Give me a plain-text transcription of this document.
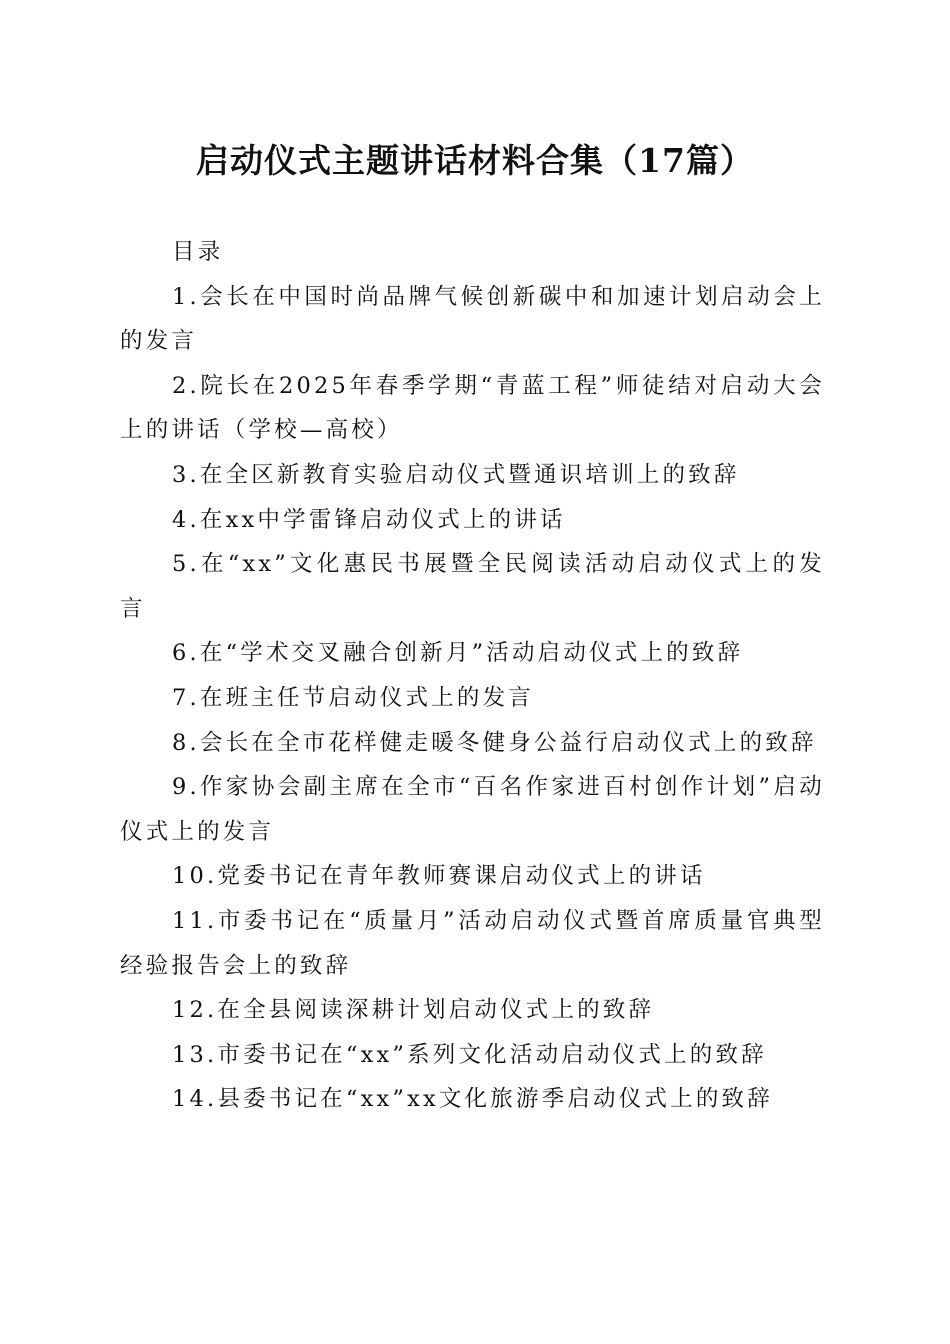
启动仪式主题讲话材料合集（17篇）

目录

1.会长在中国时尚品牌气候创新碳中和加速计划启动会上的发言
2.院长在2025年春季学期“青蓝工程”师徒结对启动大会上的讲话（学校—高校）
3.在全区新教育实验启动仪式暨通识培训上的致辞
4.在xx中学雷锋启动仪式上的讲话
5.在“xx”文化惠民书展暨全民阅读活动启动仪式上的发言
6.在“学术交叉融合创新月”活动启动仪式上的致辞
7.在班主任节启动仪式上的发言
8.会长在全市花样健走暖冬健身公益行启动仪式上的致辞
9.作家协会副主席在全市“百名作家进百村创作计划”启动仪式上的发言
10.党委书记在青年教师赛课启动仪式上的讲话
11.市委书记在“质量月”活动启动仪式暨首席质量官典型经验报告会上的致辞
12.在全县阅读深耕计划启动仪式上的致辞
13.市委书记在“xx”系列文化活动启动仪式上的致辞
14.县委书记在“xx”xx文化旅游季启动仪式上的致辞
